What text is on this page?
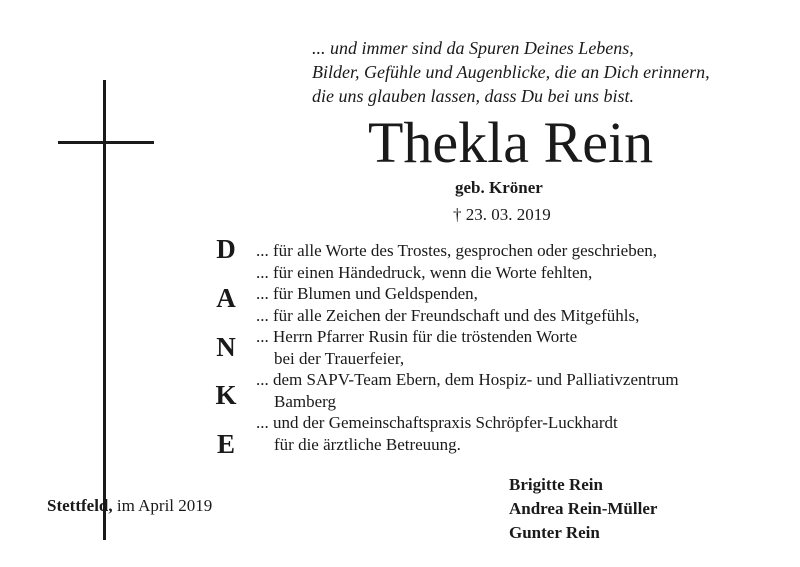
... und immer sind da Spuren Deines Lebens,
Bilder, Gefühle und Augenblicke, die an Dich erinnern,
die uns glauben lassen, dass Du bei uns bist.
Thekla Rein
geb. Kröner
† 23. 03. 2019
D
A
N
K
E
... für alle Worte des Trostes, gesprochen oder geschrieben,
... für einen Händedruck, wenn die Worte fehlten,
... für Blumen und Geldspenden,
... für alle Zeichen der Freundschaft und des Mitgefühls,
... Herrn Pfarrer Rusin für die tröstenden Worte
bei der Trauerfeier,
... dem SAPV-Team Ebern, dem Hospiz- und Palliativzentrum
Bamberg
... und der Gemeinschaftspraxis Schröpfer-Luckhardt
für die ärztliche Betreuung.
Stettfeld, im April 2019
Brigitte Rein
Andrea Rein-Müller
Gunter Rein
